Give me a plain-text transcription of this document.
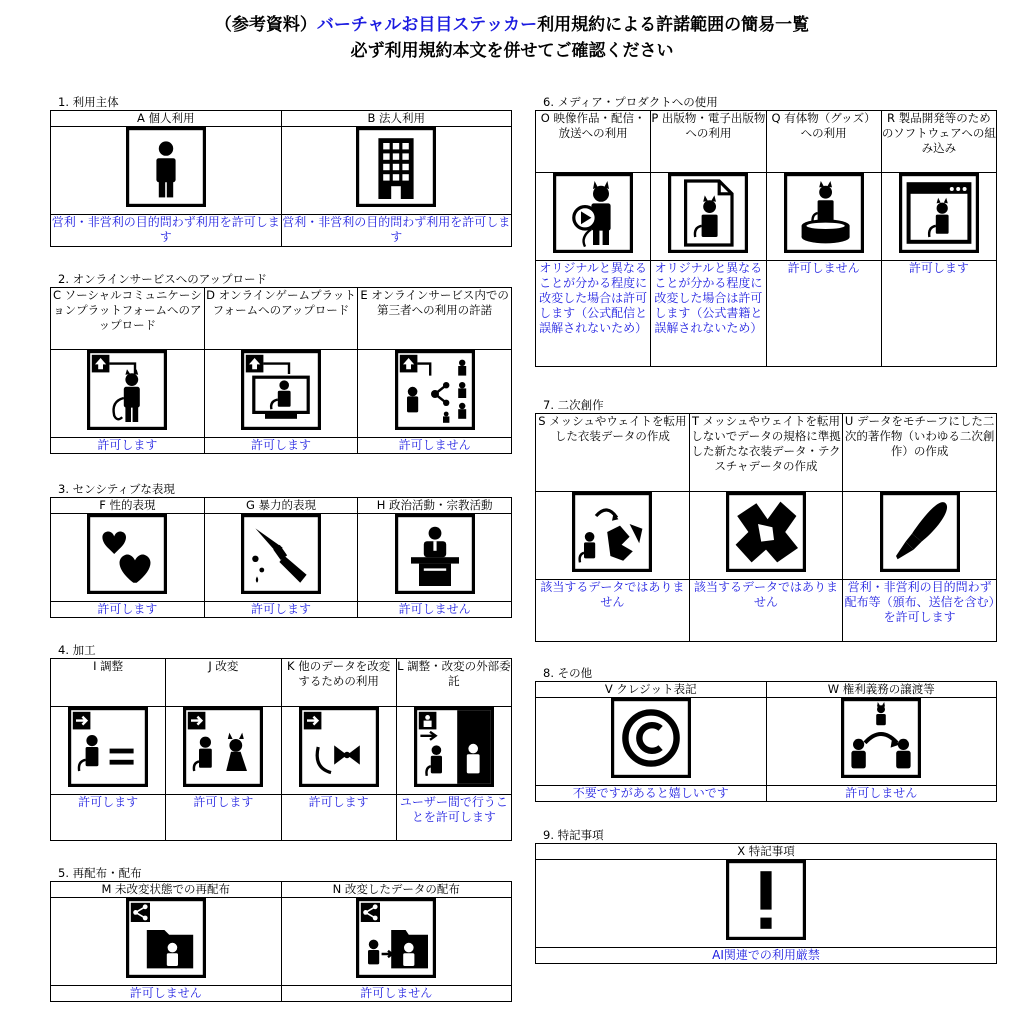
（参考資料）バーチャルお目目ステッカー利用規約による許諾範囲の簡易一覧
必ず利用規約本文を併せてご確認ください
1. 利用主体
A 個人利用	B 法人利用

営利・非営利の目的問わず利用を許可します	営利・非営利の目的問わず利用を許可します
2. オンラインサービスへのアップロード
C ソーシャルコミュニケーションプラットフォームへのアップロード	D オンラインゲームプラットフォームへのアップロード	E オンラインサービス内での第三者への利用の許諾

許可します	許可します	許可しません
3. センシティブな表現
F 性的表現	G 暴力的表現	H 政治活動・宗教活動

許可します	許可します	許可しません
4. 加工
I 調整	J 改変	K 他のデータを改変するための利用	L 調整・改変の外部委託

許可します	許可します	許可します	ユーザー間で行うことを許可します
5. 再配布・配布
M 未改変状態での再配布	N 改変したデータの配布

許可しません	許可しません
6. メディア・プロダクトへの使用
O 映像作品・配信・放送への利用	P 出版物・電子出版物への利用	Q 有体物（グッズ）への利用	R 製品開発等のためのソフトウェアへの組み込み

オリジナルと異なることが分かる程度に改変した場合は許可します（公式配信と誤解されないため）	オリジナルと異なることが分かる程度に改変した場合は許可します（公式書籍と誤解されないため）	許可しません	許可します
7. 二次創作
S メッシュやウェイトを転用した衣装データの作成	T メッシュやウェイトを転用しないでデータの規格に準拠した新たな衣装データ・テクスチャデータの作成	U データをモチーフにした二次的著作物（いわゆる二次創作）の作成

該当するデータではありません	該当するデータではありません	営利・非営利の目的問わず配布等（頒布、送信を含む）を許可します
8. その他
V クレジット表記	W 権利義務の譲渡等

不要ですがあると嬉しいです	許可しません
9. 特記事項
X 特記事項

AI関連での利用厳禁
